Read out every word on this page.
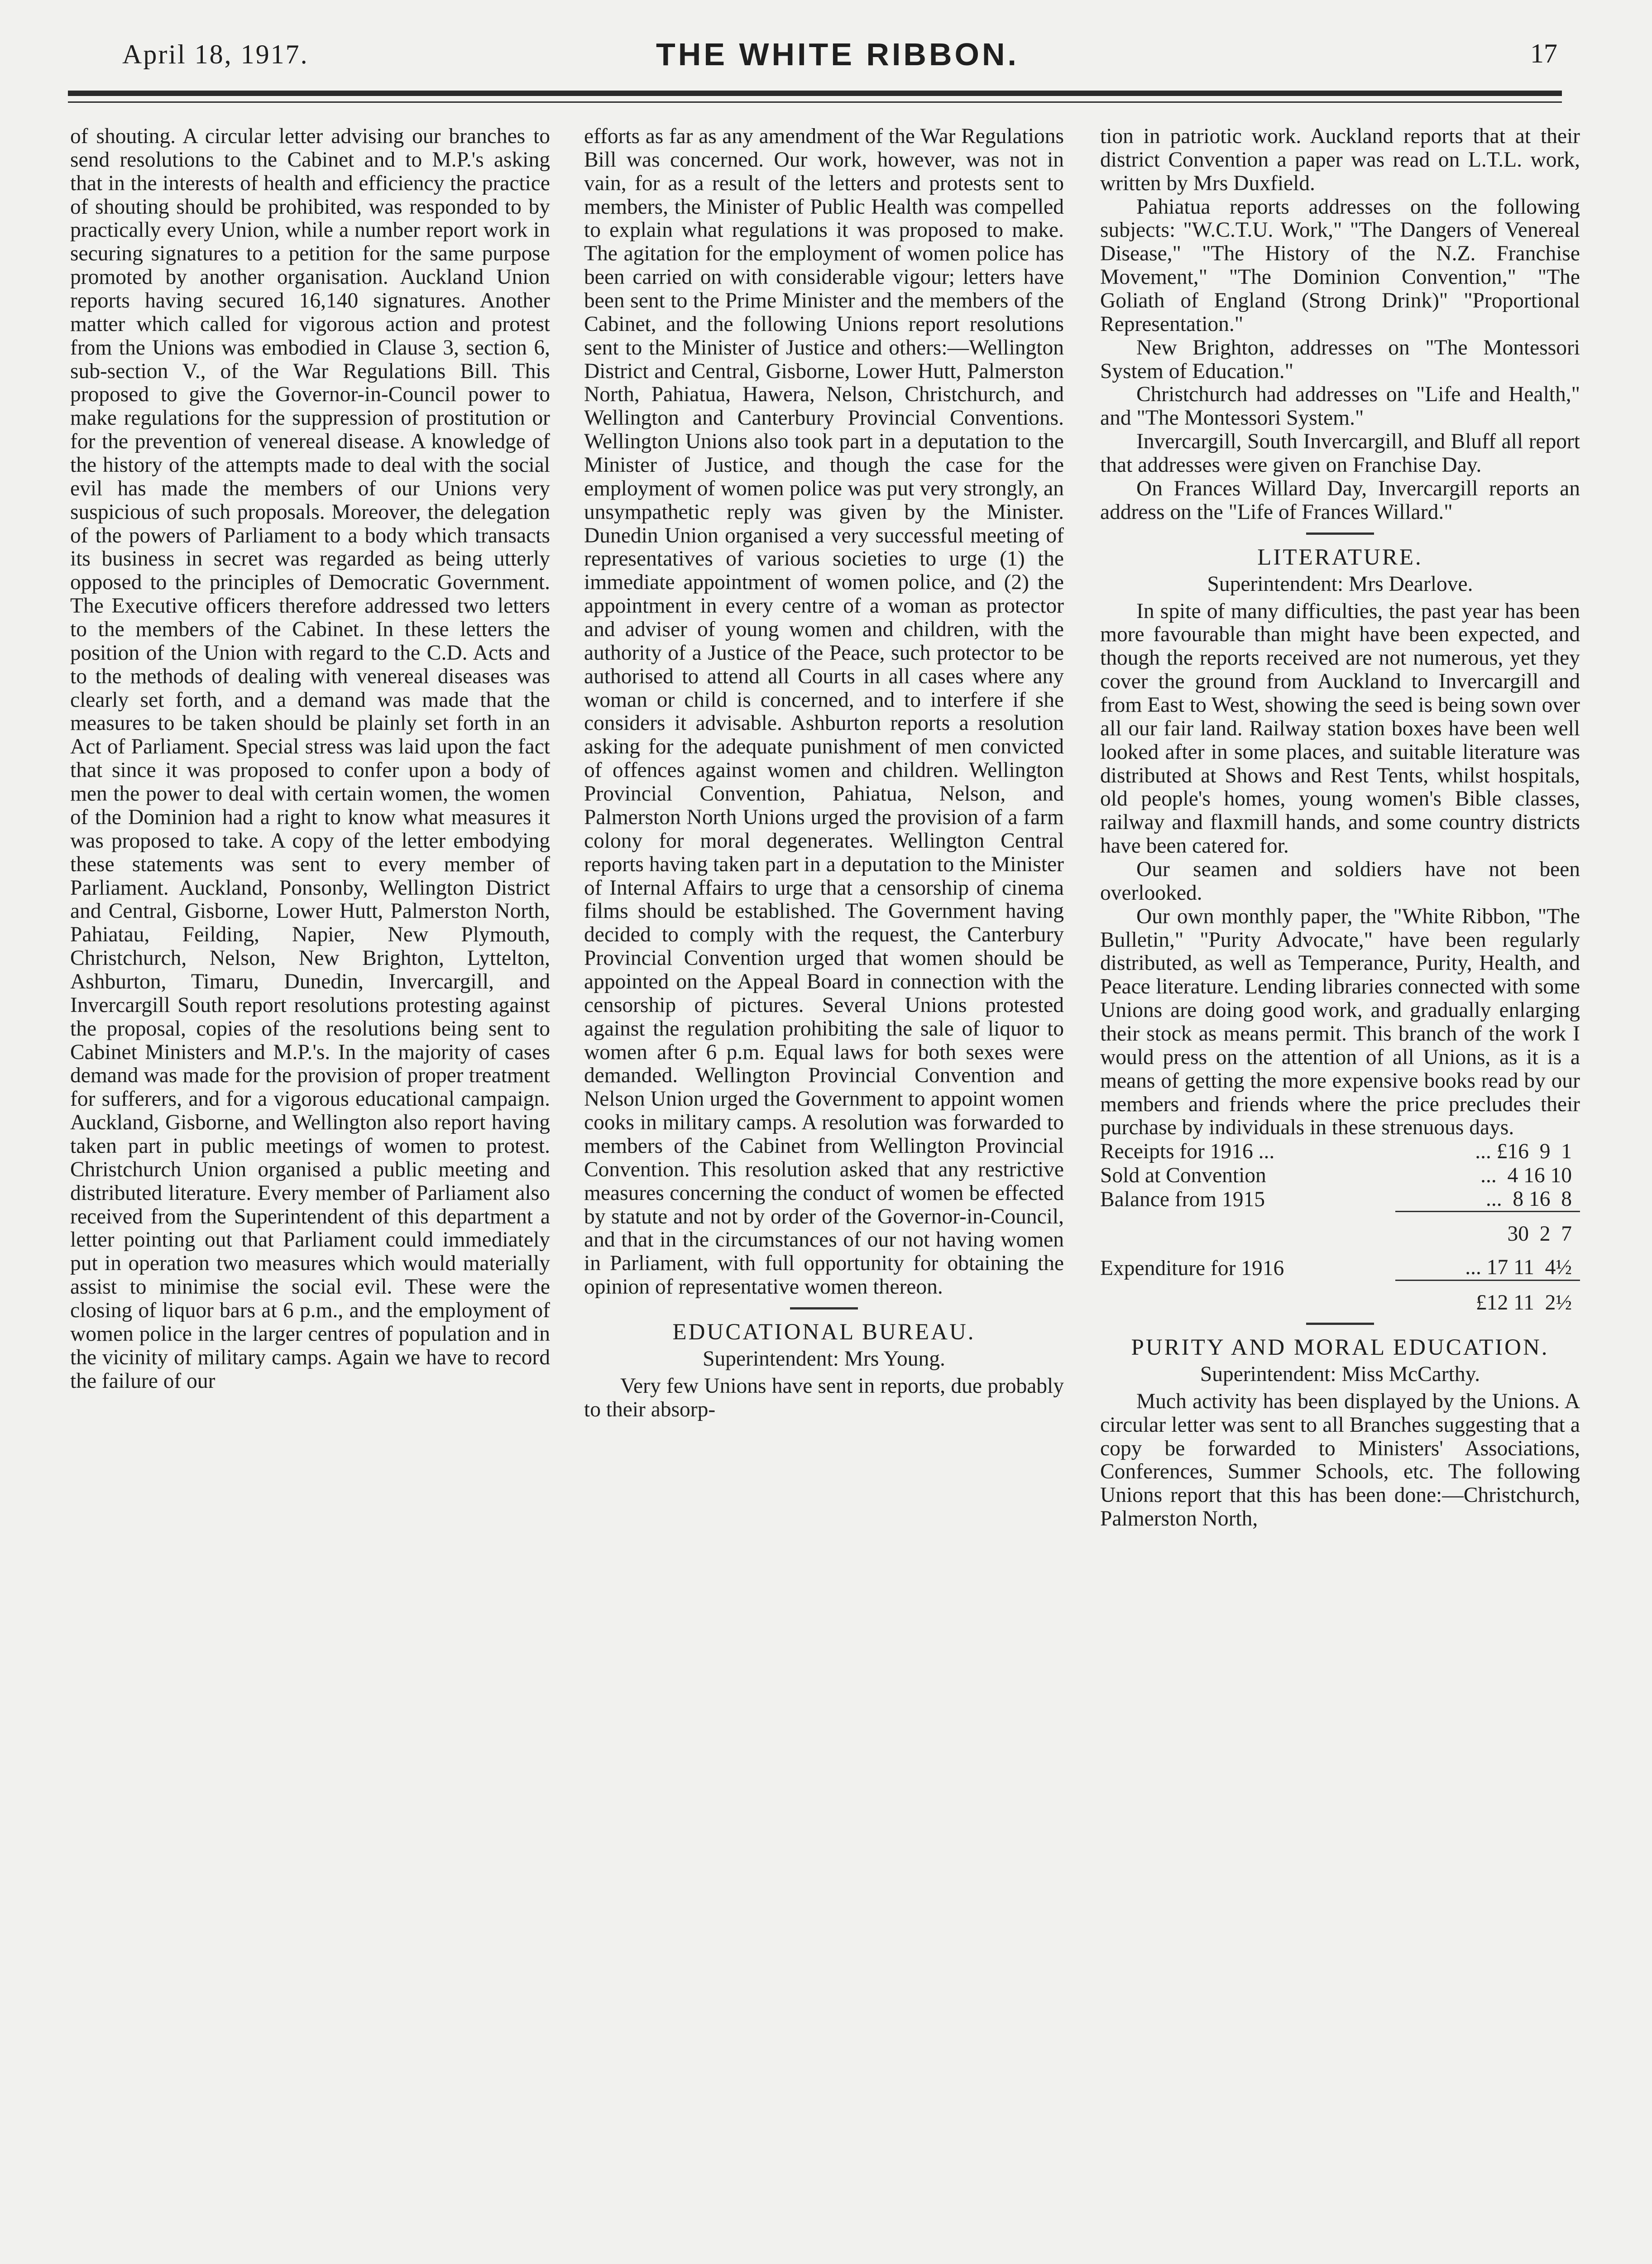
April 18, 1917.	THE WHITE RIBBON.	17

of shouting. A circular letter advising our branches to send resolutions to the Cabinet and to M.P.'s asking that in the interests of health and efficiency the practice of shouting should be prohibited, was responded to by practically every Union, while a number report work in securing signatures to a petition for the same purpose promoted by another organisation. Auckland Union reports having secured 16,140 signatures. Another matter which called for vigorous action and protest from the Unions was embodied in Clause 3, section 6, sub-section V., of the War Regulations Bill. This proposed to give the Governor-in-Council power to make regulations for the suppression of prostitution or for the prevention of venereal disease. A knowledge of the history of the attempts made to deal with the social evil has made the members of our Unions very suspicious of such proposals. Moreover, the delegation of the powers of Parliament to a body which transacts its business in secret was regarded as being utterly opposed to the principles of Democratic Government. The Executive officers therefore addressed two letters to the members of the Cabinet. In these letters the position of the Union with regard to the C.D. Acts and to the methods of dealing with venereal diseases was clearly set forth, and a demand was made that the measures to be taken should be plainly set forth in an Act of Parliament. Special stress was laid upon the fact that since it was proposed to confer upon a body of men the power to deal with certain women, the women of the Dominion had a right to know what measures it was proposed to take. A copy of the letter embodying these statements was sent to every member of Parliament. Auckland, Ponsonby, Wellington District and Central, Gisborne, Lower Hutt, Palmerston North, Pahiatau, Feilding, Napier, New Plymouth, Christchurch, Nelson, New Brighton, Lyttelton, Ashburton, Timaru, Dunedin, Invercargill, and Invercargill South report resolutions protesting against the proposal, copies of the resolutions being sent to Cabinet Ministers and M.P.'s. In the majority of cases demand was made for the provision of proper treatment for sufferers, and for a vigorous educational campaign. Auckland, Gisborne, and Wellington also report having taken part in public meetings of women to protest. Christchurch Union organised a public meeting and distributed literature. Every member of Parliament also received from the Superintendent of this department a letter pointing out that Parliament could immediately put in operation two measures which would materially assist to minimise the social evil. These were the closing of liquor bars at 6 p.m., and the employment of women police in the larger centres of population and in the vicinity of military camps. Again we have to record the failure of our

efforts as far as any amendment of the War Regulations Bill was concerned. Our work, however, was not in vain, for as a result of the letters and protests sent to members, the Minister of Public Health was compelled to explain what regulations it was proposed to make. The agitation for the employment of women police has been carried on with considerable vigour; letters have been sent to the Prime Minister and the members of the Cabinet, and the following Unions report resolutions sent to the Minister of Justice and others:—Wellington District and Central, Gisborne, Lower Hutt, Palmerston North, Pahiatua, Hawera, Nelson, Christchurch, and Wellington and Canterbury Provincial Conventions. Wellington Unions also took part in a deputation to the Minister of Justice, and though the case for the employment of women police was put very strongly, an unsympathetic reply was given by the Minister. Dunedin Union organised a very successful meeting of representatives of various societies to urge (1) the immediate appointment of women police, and (2) the appointment in every centre of a woman as protector and adviser of young women and children, with the authority of a Justice of the Peace, such protector to be authorised to attend all Courts in all cases where any woman or child is concerned, and to interfere if she considers it advisable. Ashburton reports a resolution asking for the adequate punishment of men convicted of offences against women and children. Wellington Provincial Convention, Pahiatua, Nelson, and Palmerston North Unions urged the provision of a farm colony for moral degenerates. Wellington Central reports having taken part in a deputation to the Minister of Internal Affairs to urge that a censorship of cinema films should be established. The Government having decided to comply with the request, the Canterbury Provincial Convention urged that women should be appointed on the Appeal Board in connection with the censorship of pictures. Several Unions protested against the regulation prohibiting the sale of liquor to women after 6 p.m. Equal laws for both sexes were demanded. Wellington Provincial Convention and Nelson Union urged the Government to appoint women cooks in military camps. A resolution was forwarded to members of the Cabinet from Wellington Provincial Convention. This resolution asked that any restrictive measures concerning the conduct of women be effected by statute and not by order of the Governor-in-Council, and that in the circumstances of our not having women in Parliament, with full opportunity for obtaining the opinion of representative women thereon.

EDUCATIONAL BUREAU.
Superintendent: Mrs Young.

Very few Unions have sent in reports, due probably to their absorp-

tion in patriotic work. Auckland reports that at their district Convention a paper was read on L.T.L. work, written by Mrs Duxfield.

Pahiatua reports addresses on the following subjects: "W.C.T.U. Work," "The Dangers of Venereal Disease," "The History of the N.Z. Franchise Movement," "The Dominion Convention," "The Goliath of England (Strong Drink)" "Proportional Representation."

New Brighton, addresses on "The Montessori System of Education."

Christchurch had addresses on "Life and Health," and "The Montessori System."

Invercargill, South Invercargill, and Bluff all report that addresses were given on Franchise Day.

On Frances Willard Day, Invercargill reports an address on the "Life of Frances Willard."

LITERATURE.
Superintendent: Mrs Dearlove.

In spite of many difficulties, the past year has been more favourable than might have been expected, and though the reports received are not numerous, yet they cover the ground from Auckland to Invercargill and from East to West, showing the seed is being sown over all our fair land. Railway station boxes have been well looked after in some places, and suitable literature was distributed at Shows and Rest Tents, whilst hospitals, old people's homes, young women's Bible classes, railway and flaxmill hands, and some country districts have been catered for.

Our seamen and soldiers have not been overlooked.

Our own monthly paper, the "White Ribbon, "The Bulletin," "Purity Advocate," have been regularly distributed, as well as Temperance, Purity, Health, and Peace literature. Lending libraries connected with some Unions are doing good work, and gradually enlarging their stock as means permit. This branch of the work I would press on the attention of all Unions, as it is a means of getting the more expensive books read by our members and friends where the price precludes their purchase by individuals in these strenuous days.

Receipts for 1916 ...	... £16  9  1
Sold at Convention	...  4 16 10
Balance from 1915	...  8 16  8
	30  2  7
Expenditure for 1916	... 17 11  4½
	£12 11  2½
PURITY AND MORAL EDUCATION.
Superintendent: Miss McCarthy.

Much activity has been displayed by the Unions. A circular letter was sent to all Branches suggesting that a copy be forwarded to Ministers' Associations, Conferences, Summer Schools, etc. The following Unions report that this has been done:—Christchurch, Palmerston North,
